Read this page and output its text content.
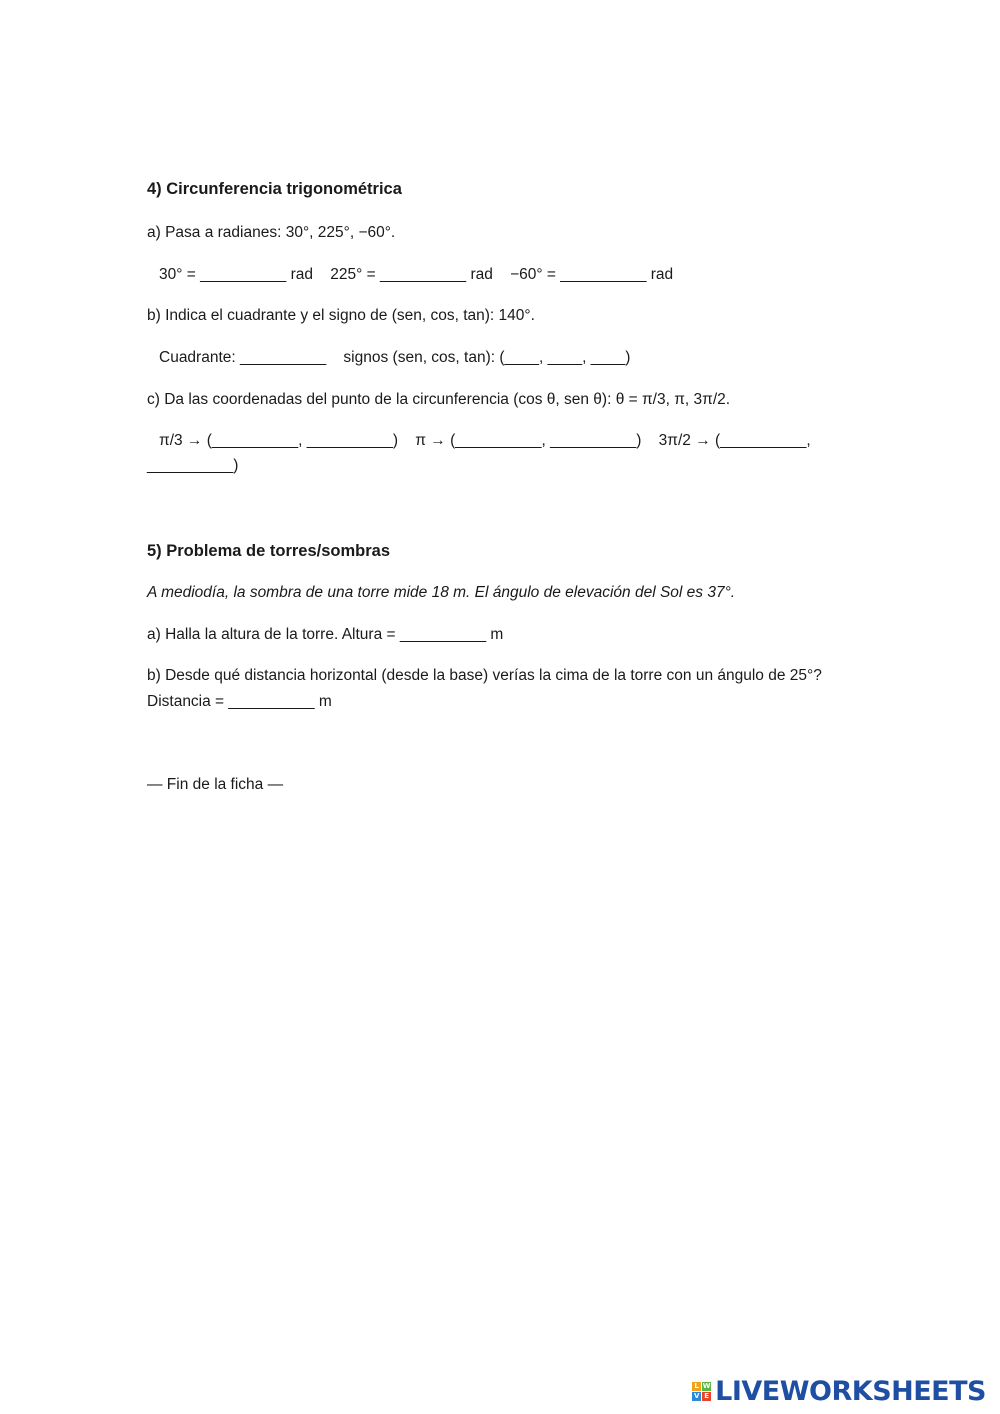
4) Circunferencia trigonométrica
a) Pasa a radianes: 30°, 225°, −60°.
30° = __________ rad    225° = __________ rad    −60° = __________ rad
b) Indica el cuadrante y el signo de (sen, cos, tan): 140°.
Cuadrante: __________    signos (sen, cos, tan): (____, ____, ____)
c) Da las coordenadas del punto de la circunferencia (cos θ, sen θ): θ = π/3, π, 3π/2.
π/3 → (__________, __________)    π → (__________, __________)    3π/2 → (__________,
__________)
5) Problema de torres/sombras
A mediodía, la sombra de una torre mide 18 m. El ángulo de elevación del Sol es 37°.
a) Halla la altura de la torre. Altura = __________ m
b) Desde qué distancia horizontal (desde la base) verías la cima de la torre con un ángulo de 25°? Distancia = __________ m
— Fin de la ficha —
L W
V E LIVEWORKSHEETS
